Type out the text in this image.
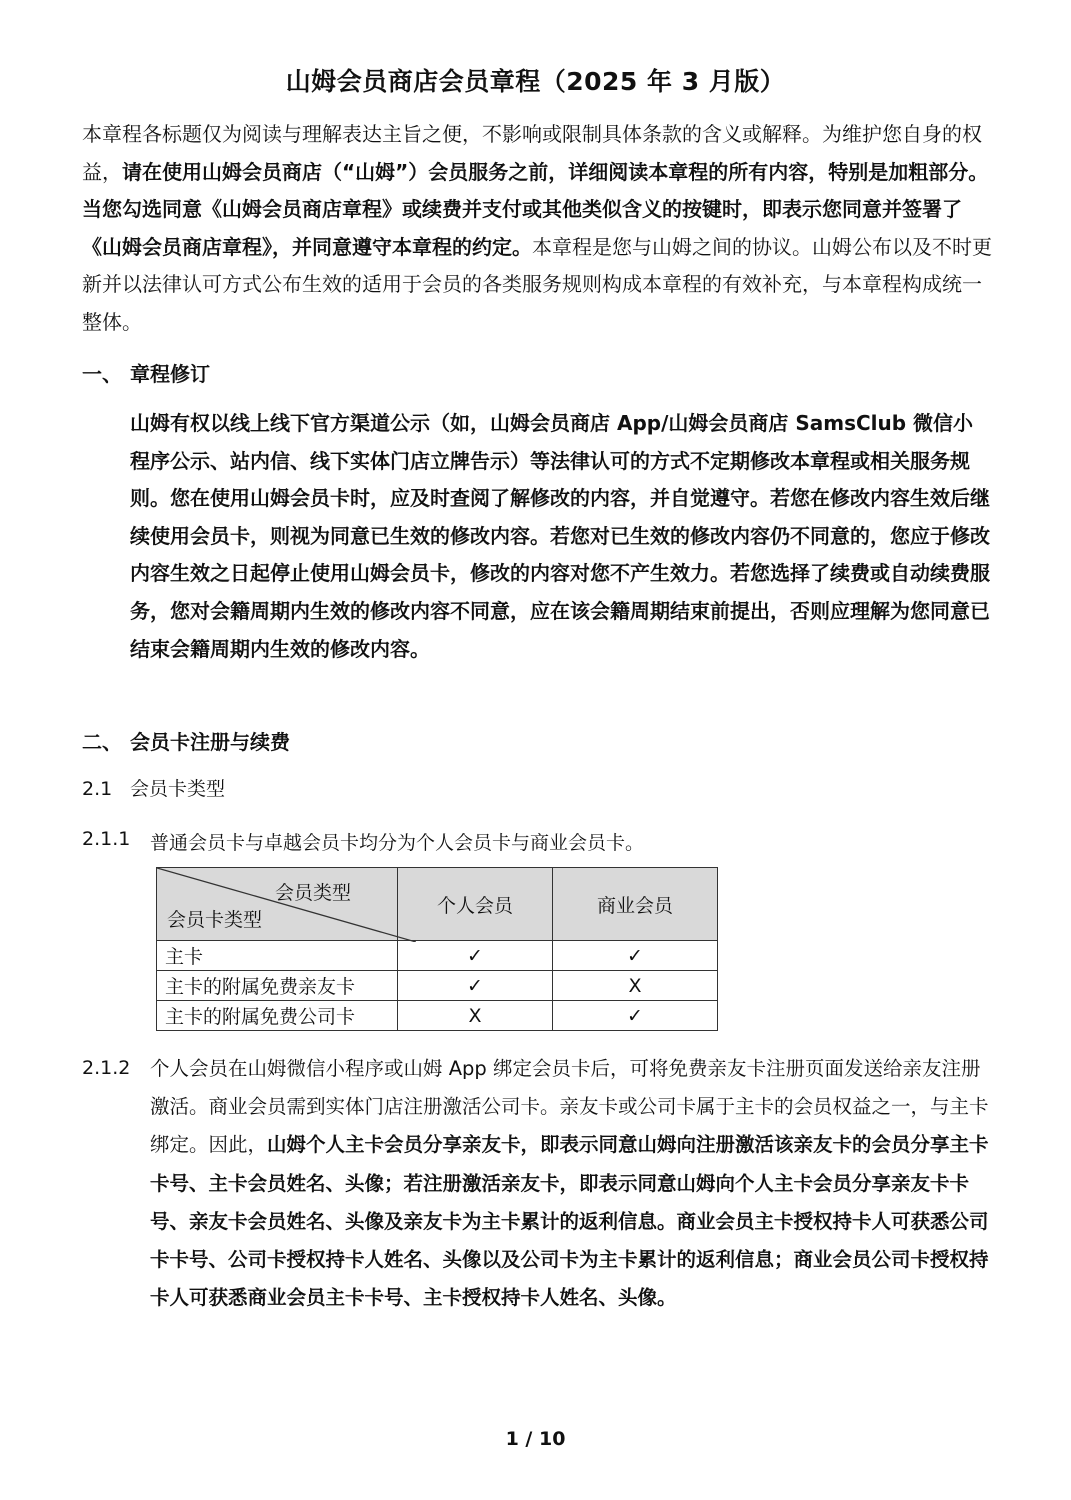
山姆会员商店会员章程（2025 年 3 月版）
本章程各标题仅为阅读与理解表达主旨之便，不影响或限制具体条款的含义或解释。为维护您自身的权益，请在使用山姆会员商店（“山姆”）会员服务之前，详细阅读本章程的所有内容，特别是加粗部分。当您勾选同意《山姆会员商店章程》或续费并支付或其他类似含义的按键时，即表示您同意并签署了《山姆会员商店章程》，并同意遵守本章程的约定。本章程是您与山姆之间的协议。山姆公布以及不时更新并以法律认可方式公布生效的适用于会员的各类服务规则构成本章程的有效补充，与本章程构成统一整体。
一、 章程修订
山姆有权以线上线下官方渠道公示（如，山姆会员商店 App/山姆会员商店 SamsClub 微信小程序公示、站内信、线下实体门店立牌告示）等法律认可的方式不定期修改本章程或相关服务规则。您在使用山姆会员卡时，应及时查阅了解修改的内容，并自觉遵守。若您在修改内容生效后继续使用会员卡，则视为同意已生效的修改内容。若您对已生效的修改内容仍不同意的，您应于修改内容生效之日起停止使用山姆会员卡，修改的内容对您不产生效力。若您选择了续费或自动续费服务，您对会籍周期内生效的修改内容不同意，应在该会籍周期结束前提出，否则应理解为您同意已结束会籍周期内生效的修改内容。
二、 会员卡注册与续费
2.1 会员卡类型
2.1.1 普通会员卡与卓越会员卡均分为个人会员卡与商业会员卡。
会员类型
会员卡类型	个人会员	商业会员
主卡	✓	✓
主卡的附属免费亲友卡	✓	X
主卡的附属免费公司卡	X	✓
2.1.2 个人会员在山姆微信小程序或山姆 App 绑定会员卡后，可将免费亲友卡注册页面发送给亲友注册激活。商业会员需到实体门店注册激活公司卡。亲友卡或公司卡属于主卡的会员权益之一，与主卡绑定。因此，山姆个人主卡会员分享亲友卡，即表示同意山姆向注册激活该亲友卡的会员分享主卡卡号、主卡会员姓名、头像；若注册激活亲友卡，即表示同意山姆向个人主卡会员分享亲友卡卡号、亲友卡会员姓名、头像及亲友卡为主卡累计的返利信息。商业会员主卡授权持卡人可获悉公司卡卡号、公司卡授权持卡人姓名、头像以及公司卡为主卡累计的返利信息；商业会员公司卡授权持卡人可获悉商业会员主卡卡号、主卡授权持卡人姓名、头像。
1 / 10
